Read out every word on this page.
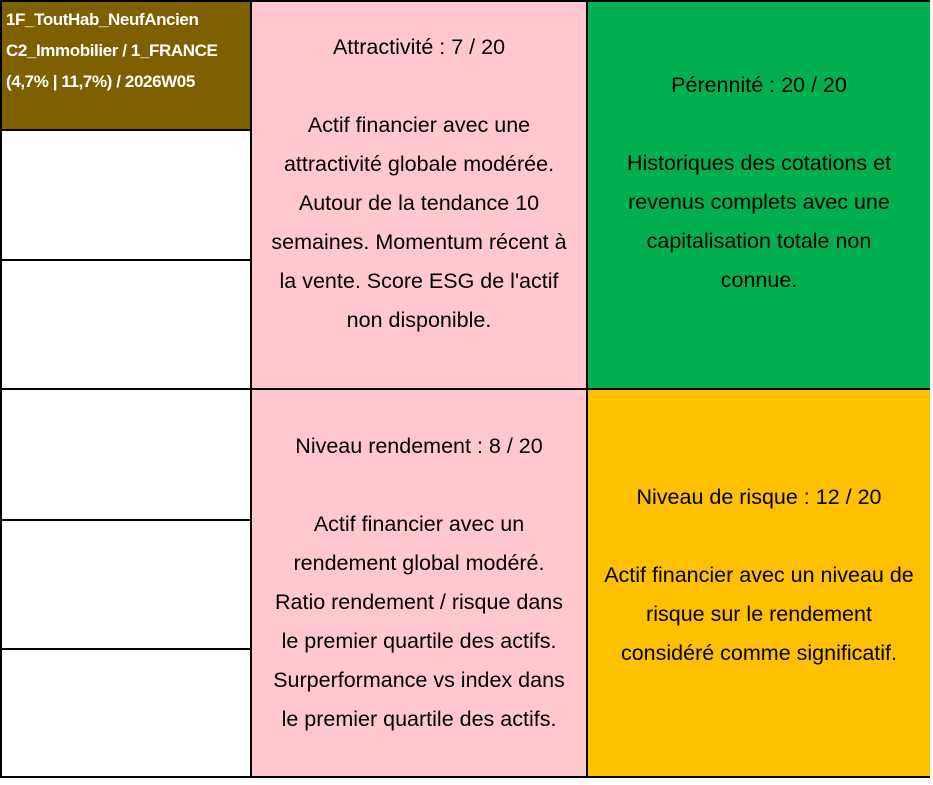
1F_ToutHab_NeufAncien
C2_Immobilier / 1_FRANCE
(4,7% | 11,7%) / 2026W05
Attractivité : 7 / 20
Actif financier avec une
attractivité globale modérée.
Autour de la tendance 10
semaines. Momentum récent à
la vente. Score ESG de l'actif
non disponible.
Pérennité : 20 / 20
Historiques des cotations et
revenus complets avec une
capitalisation totale non
connue.
Niveau rendement : 8 / 20
Actif financier avec un
rendement global modéré.
Ratio rendement / risque dans
le premier quartile des actifs.
Surperformance vs index dans
le premier quartile des actifs.
Niveau de risque : 12 / 20
Actif financier avec un niveau de
risque sur le rendement
considéré comme significatif.
